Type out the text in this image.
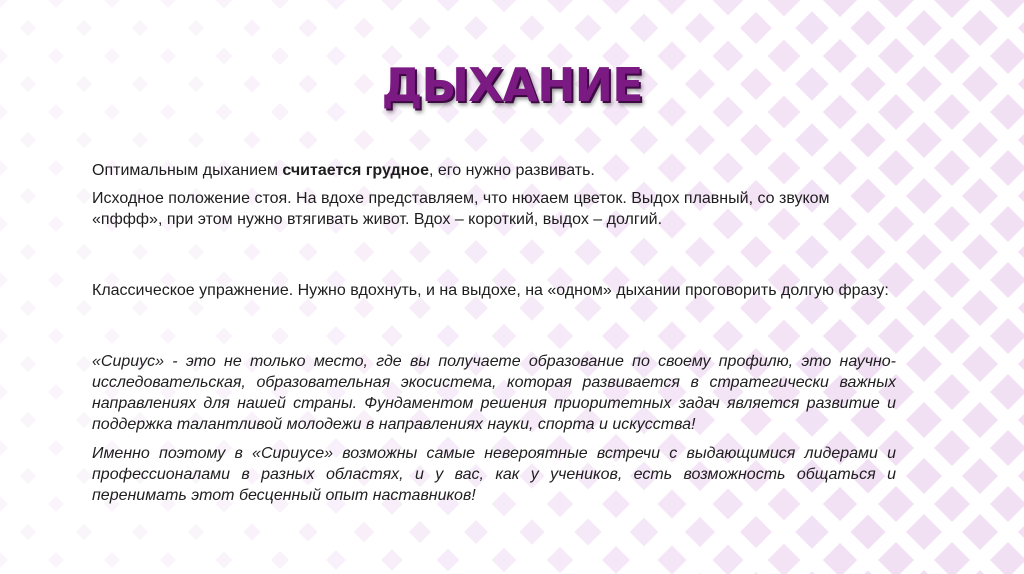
ДЫХАНИЕ

Оптимальным дыханием считается грудное, его нужно развивать.

Исходное положение стоя. На вдохе представляем, что нюхаем цветок. Выдох плавный, со звуком «пффф», при этом нужно втягивать живот. Вдох – короткий, выдох – долгий.

Классическое упражнение. Нужно вдохнуть, и на выдохе, на «одном» дыхании проговорить долгую фразу:

«Сириус» - это не только место, где вы получаете образование по своему профилю, это научно-исследовательская, образовательная экосистема, которая развивается в стратегически важных направлениях для нашей страны. Фундаментом решения приоритетных задач является развитие и поддержка талантливой молодежи в направлениях науки, спорта и искусства!

Именно поэтому в «Сириусе» возможны самые невероятные встречи с выдающимися лидерами и профессионалами в разных областях, и у вас, как у учеников, есть возможность общаться и перенимать этот бесценный опыт наставников!
